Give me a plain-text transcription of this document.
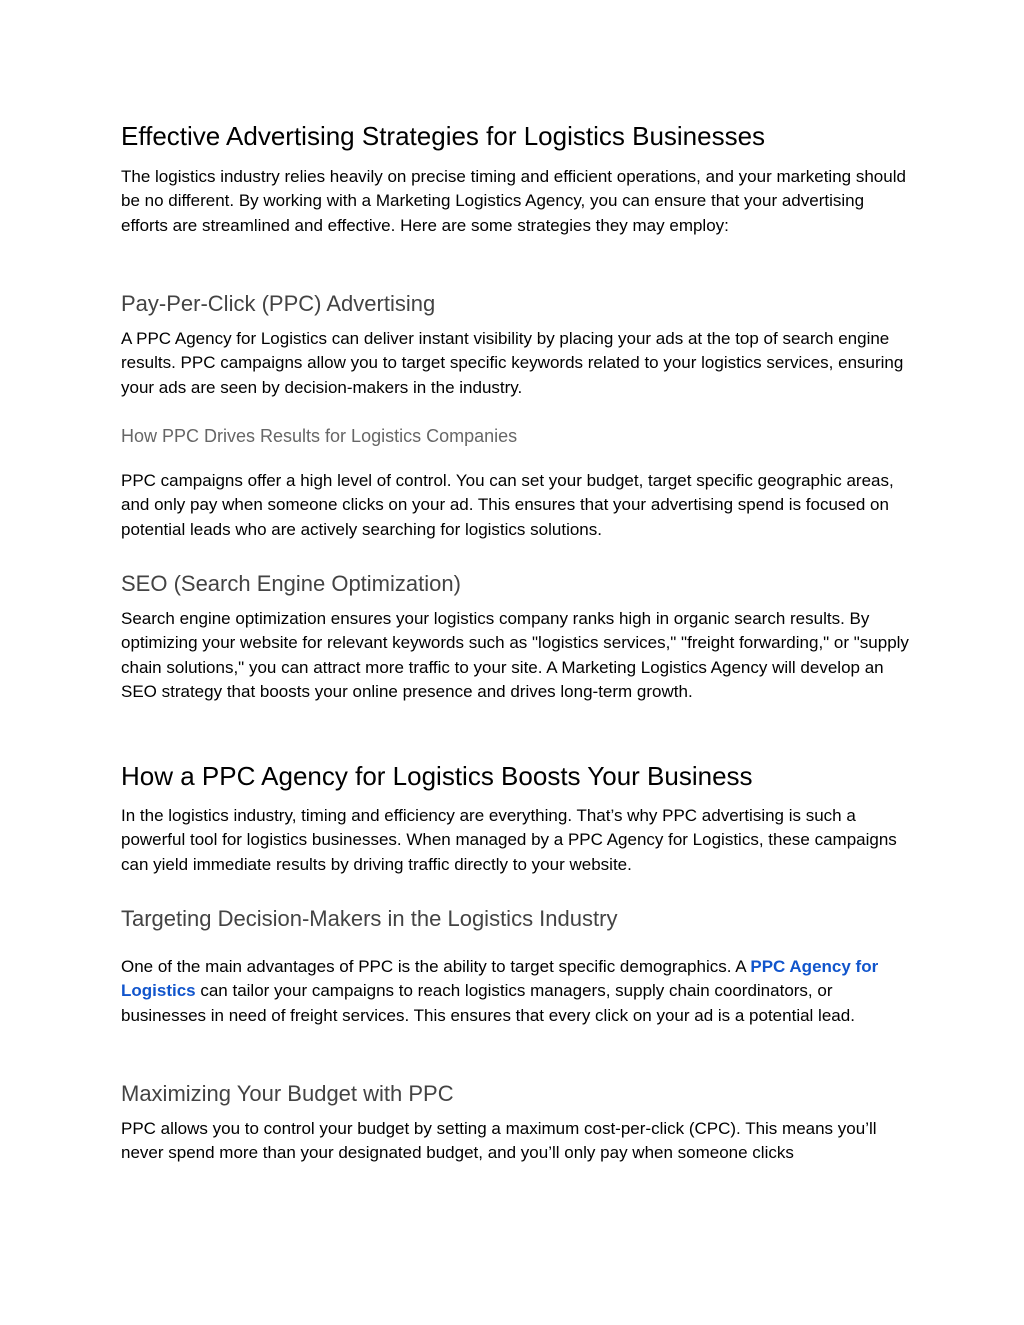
Effective Advertising Strategies for Logistics Businesses

The logistics industry relies heavily on precise timing and efficient operations, and your marketing should be no different. By working with a Marketing Logistics Agency, you can ensure that your advertising efforts are streamlined and effective. Here are some strategies they may employ:

Pay-Per-Click (PPC) Advertising

A PPC Agency for Logistics can deliver instant visibility by placing your ads at the top of search engine results. PPC campaigns allow you to target specific keywords related to your logistics services, ensuring your ads are seen by decision-makers in the industry.

How PPC Drives Results for Logistics Companies

PPC campaigns offer a high level of control. You can set your budget, target specific geographic areas, and only pay when someone clicks on your ad. This ensures that your advertising spend is focused on potential leads who are actively searching for logistics solutions.

SEO (Search Engine Optimization)

Search engine optimization ensures your logistics company ranks high in organic search results. By optimizing your website for relevant keywords such as "logistics services," "freight forwarding," or "supply chain solutions," you can attract more traffic to your site. A Marketing Logistics Agency will develop an SEO strategy that boosts your online presence and drives long-term growth.

How a PPC Agency for Logistics Boosts Your Business

In the logistics industry, timing and efficiency are everything. That’s why PPC advertising is such a powerful tool for logistics businesses. When managed by a PPC Agency for Logistics, these campaigns can yield immediate results by driving traffic directly to your website.

Targeting Decision-Makers in the Logistics Industry

One of the main advantages of PPC is the ability to target specific demographics. A PPC Agency for Logistics can tailor your campaigns to reach logistics managers, supply chain coordinators, or businesses in need of freight services. This ensures that every click on your ad is a potential lead.

Maximizing Your Budget with PPC

PPC allows you to control your budget by setting a maximum cost-per-click (CPC). This means you’ll never spend more than your designated budget, and you’ll only pay when someone clicks
